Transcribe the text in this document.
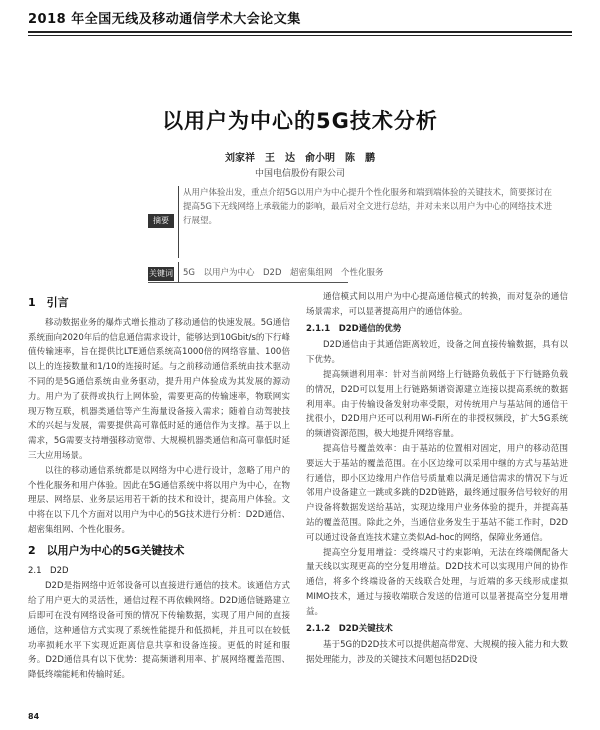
2018 年全国无线及移动通信学术大会论文集
以用户为中心的5G技术分析
刘家祥　王　达　俞小明　陈　鹏
中国电信股份有限公司
摘要
从用户体验出发，重点介绍5G以用户为中心提升个性化服务和端到端体验的关键技术，简要探讨在提高5G下无线网络上承载能力的影响，最后对全文进行总结，并对未来以用户为中心的网络技术进行展望。
关键词 5G　以用户为中心　D2D　超密集组网　个性化服务

1　引言

移动数据业务的爆炸式增长推动了移动通信的快速发展。5G通信系统面向2020年后的信息通信需求设计，能够达到10Gbit/s的下行峰值传输速率，旨在提供比LTE通信系统高1000倍的网络容量、100倍以上的连接数量和1/10的连接时延。与之前移动通信系统由技术驱动不同的是5G通信系统由业务驱动，提升用户体验成为其发展的源动力。用户为了获得或执行上网体验，需要更高的传输速率，物联网实现万物互联，机器类通信等产生海量设备接入需求；随着自动驾驶技术的兴起与发展，需要提供高可靠低时延的通信作为支撑。基于以上需求，5G需要支持增强移动宽带、大规模机器类通信和高可靠低时延三大应用场景。

以往的移动通信系统都是以网络为中心进行设计，忽略了用户的个性化服务和用户体验。因此在5G通信系统中将以用户为中心，在物理层、网络层、业务层运用若干新的技术和设计，提高用户体验。文中将在以下几个方面对以用户为中心的5G技术进行分析：D2D通信、超密集组网、个性化服务。

2　以用户为中心的5G关键技术

2.1　D2D

D2D是指网络中近邻设备可以直接进行通信的技术。该通信方式给了用户更大的灵活性，通信过程不再依赖网络。D2D通信链路建立后即可在没有网络设备可预的情况下传输数据，实现了用户间的直接通信，这种通信方式实现了系统性能提升和低损耗，并且可以在较低功率损耗水平下实现近距离信息共享和设备连接。更低的时延和服务。D2D通信具有以下优势：提高频谱利用率、扩展网络覆盖范围、降低终端能耗和传输时延。

通信模式间以用户为中心提高通信模式的转换，而对复杂的通信场景需求，可以显著提高用户的通信体验。

2.1.1　D2D通信的优势

D2D通信由于其通信距离较近，设备之间直接传输数据，具有以下优势。

提高频谱利用率：针对当前网络上行链路负载低于下行链路负载的情况，D2D可以复用上行链路频谱资源建立连接以提高系统的数据利用率。由于传输设备发射功率受限，对传统用户与基站间的通信干扰很小，D2D用户还可以利用Wi-Fi所在的非授权频段，扩大5G系统的频谱资源范围，极大地提升网络容量。

提高信号覆盖效率：由于基站的位置相对固定，用户的移动范围要远大于基站的覆盖范围。在小区边缘可以采用中继的方式与基站进行通信，即小区边缘用户作信号质量难以满足通信需求的情况下与近邻用户设备建立一跳或多跳的D2D链路，最终通过服务信号较好的用户设备将数据发送给基站，实现边缘用户业务体验的提升，并提高基站的覆盖范围。除此之外，当通信业务发生于基站不能工作时，D2D可以通过设备直连技术建立类似Ad-hoc的网络，保障业务通信。

提高空分复用增益：受终端尺寸约束影响，无法在终端侧配备大量天线以实现更高的空分复用增益。D2D技术可以实现用户间的协作通信，将多个终端设备的天线联合处理，与近端的多天线形成虚拟MIMO技术，通过与接收端联合发送的信道可以显著提高空分复用增益。

2.1.2　D2D关键技术

基于5G的D2D技术可以提供超高带宽、大规模的接入能力和大数据处理能力，涉及的关键技术问题包括D2D设

84
